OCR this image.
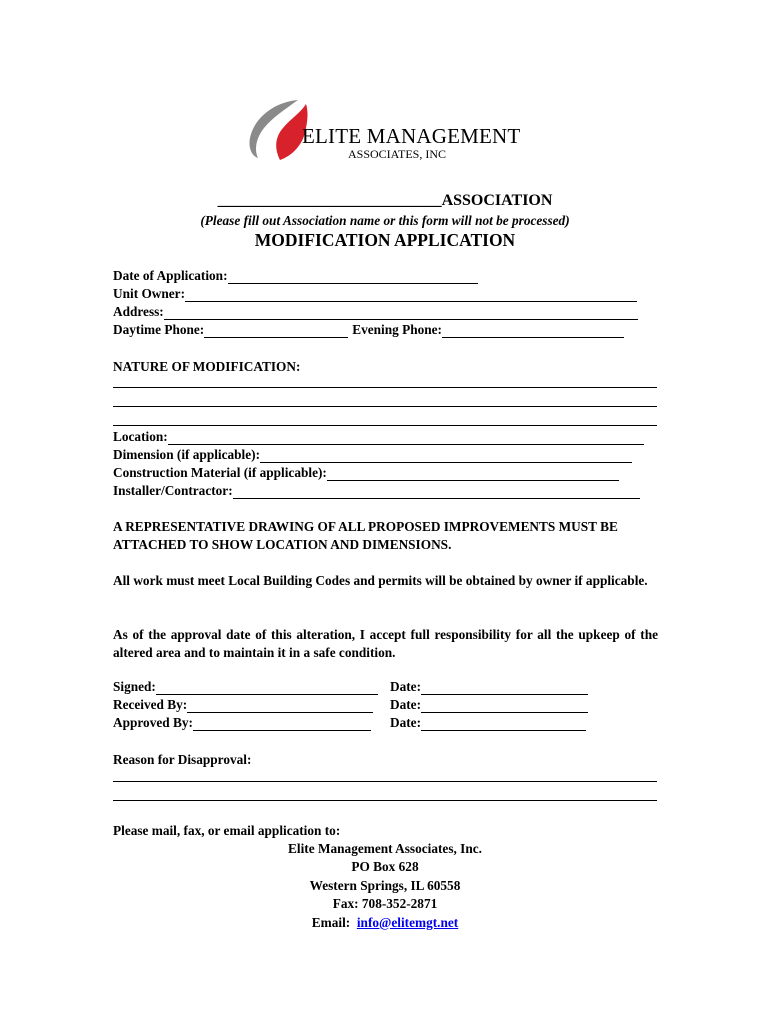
ELITE MANAGEMENT
ASSOCIATES, INC
____________________________ASSOCIATION
(Please fill out Association name or this form will not be processed)
MODIFICATION APPLICATION
Date of Application:
Unit Owner:
Address:
Daytime Phone:	Evening Phone:
NATURE OF MODIFICATION:
Location:
Dimension (if applicable):
Construction Material (if applicable):
Installer/Contractor:
A REPRESENTATIVE DRAWING OF ALL PROPOSED IMPROVEMENTS MUST BE ATTACHED TO SHOW LOCATION AND DIMENSIONS.
All work must meet Local Building Codes and permits will be obtained by owner if applicable.
As of the approval date of this alteration, I accept full responsibility for all the upkeep of the altered area and to maintain it in a safe condition.
Signed:	Date:
Received By:	Date:
Approved By:	Date:
Reason for Disapproval:
Please mail, fax, or email application to:
Elite Management Associates, Inc.
PO Box 628
Western Springs, IL 60558
Fax: 708-352-2871
Email: info@elitemgt.net
